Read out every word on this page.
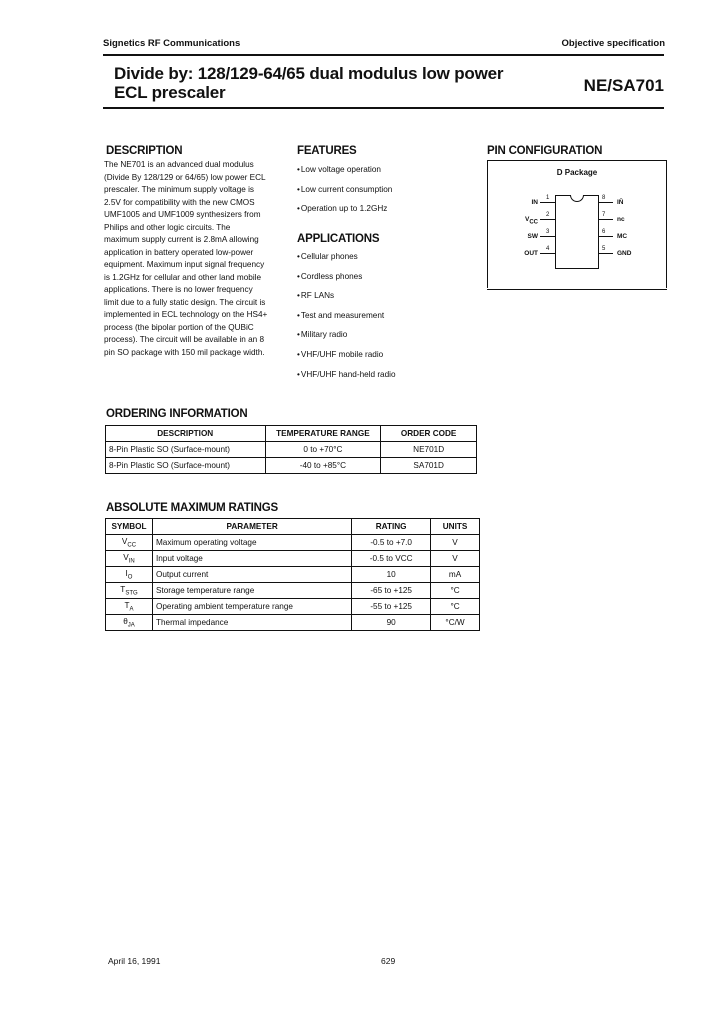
Signetics RF Communications	Objective specification
Divide by: 128/129-64/65 dual modulus low power
ECL prescaler	NE/SA701
DESCRIPTION
The NE701 is an advanced dual modulus
(Divide By 128/129 or 64/65) low power ECL
prescaler. The minimum supply voltage is
2.5V for compatibility with the new CMOS
UMF1005 and UMF1009 synthesizers from
Philips and other logic circuits. The
maximum supply current is 2.8mA allowing
application in battery operated low-power
equipment. Maximum input signal frequency
is 1.2GHz for cellular and other land mobile
applications. There is no lower frequency
limit due to a fully static design. The circuit is
implemented in ECL technology on the HS4+
process (the bipolar portion of the QUBiC
process). The circuit will be available in an 8
pin SO package with 150 mil package width.
FEATURES
•Low voltage operation
•Low current consumption
•Operation up to 1.2GHz
APPLICATIONS
•Cellular phones
•Cordless phones
•RF LANs
•Test and measurement
•Military radio
•VHF/UHF mobile radio
•VHF/UHF hand-held radio
PIN CONFIGURATION
D Package
IN
1
$V_{CC}$
2
SW
3
OUT
4
8
IN̄
7
nc
6
MC
5
GND
ORDERING INFORMATION
DESCRIPTION	TEMPERATURE RANGE	ORDER CODE
8-Pin Plastic SO (Surface-mount)	0 to +70°C	NE701D
8-Pin Plastic SO (Surface-mount)	-40 to +85°C	SA701D
ABSOLUTE MAXIMUM RATINGS
SYMBOL	PARAMETER	RATING	UNITS
$V_{CC}$	Maximum operating voltage	-0.5 to +7.0	V
$V_{IN}$	Input voltage	-0.5 to VCC	V
$I_O$	Output current	10	mA
$T_{STG}$	Storage temperature range	-65 to +125	°C
$T_A$	Operating ambient temperature range	-55 to +125	°C
$\theta_{JA}$	Thermal impedance	90	°C/W
April 16, 1991	629
